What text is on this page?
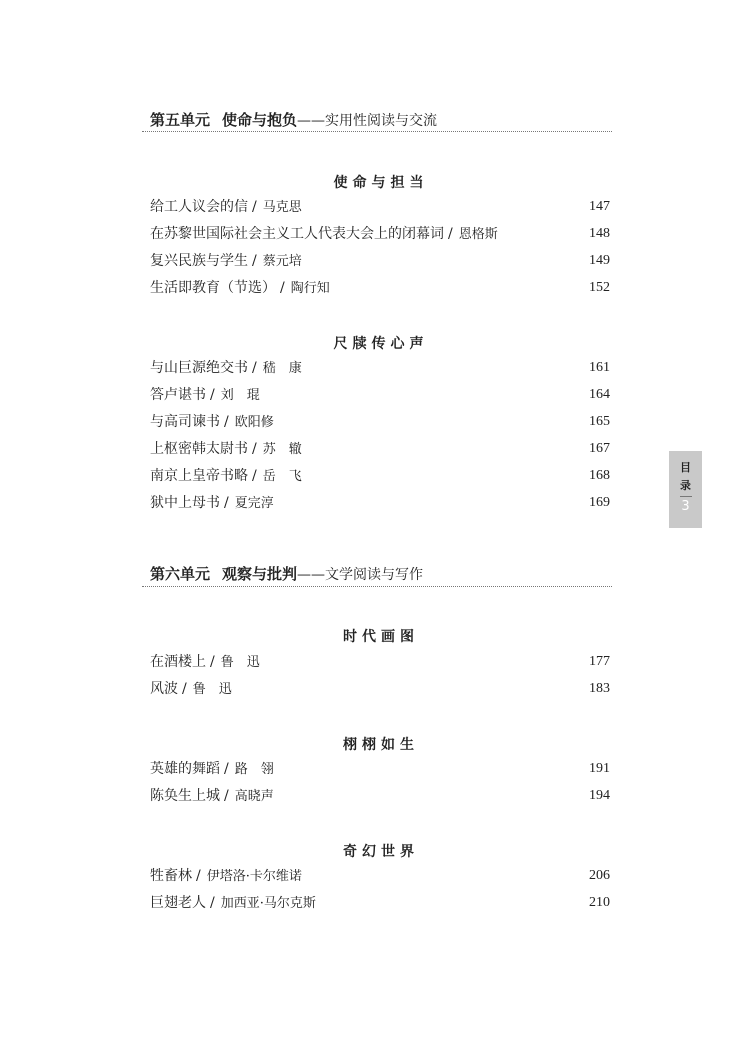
第五单元 使命与抱负——实用性阅读与交流
使命与担当
给工人议会的信 / 马克思	147
在苏黎世国际社会主义工人代表大会上的闭幕词 / 恩格斯	148
复兴民族与学生 / 蔡元培	149
生活即教育（节选） / 陶行知	152
尺牍传心声
与山巨源绝交书 / 嵇　康	161
答卢谌书 / 刘　琨	164
与高司谏书 / 欧阳修	165
上枢密韩太尉书 / 苏　辙	167
南京上皇帝书略 / 岳　飞	168
狱中上母书 / 夏完淳	169
第六单元 观察与批判——文学阅读与写作
时代画图
在酒楼上 / 鲁　迅	177
风波 / 鲁　迅	183
栩栩如生
英雄的舞蹈 / 路　翎	191
陈奂生上城 / 高晓声	194
奇幻世界
牲畜林 / 伊塔洛·卡尔维诺	206
巨翅老人 / 加西亚·马尔克斯	210
目
录
3
